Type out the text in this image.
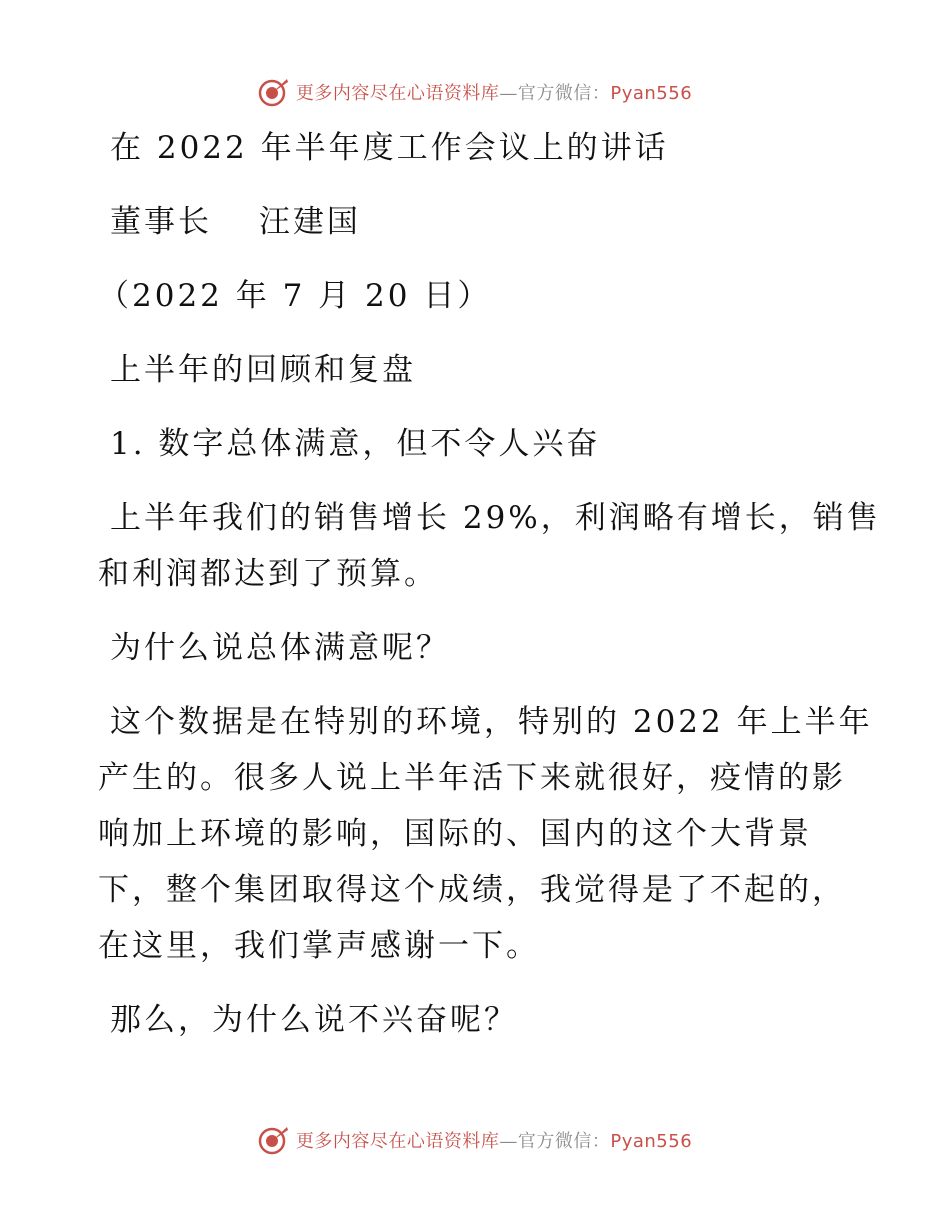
更多内容尽在心语资料库—官方微信：Pyan556
在 2022 年半年度工作会议上的讲话
董事长　 汪建国
（2022 年 7 月 20 日）
上半年的回顾和复盘
1. 数字总体满意，但不令人兴奋
上半年我们的销售增长 29%，利润略有增长，销售
和利润都达到了预算。
为什么说总体满意呢？
这个数据是在特别的环境，特别的 2022 年上半年
产生的。很多人说上半年活下来就很好，疫情的影
响加上环境的影响，国际的、国内的这个大背景
下，整个集团取得这个成绩，我觉得是了不起的，
在这里，我们掌声感谢一下。
那么，为什么说不兴奋呢？
更多内容尽在心语资料库—官方微信：Pyan556
